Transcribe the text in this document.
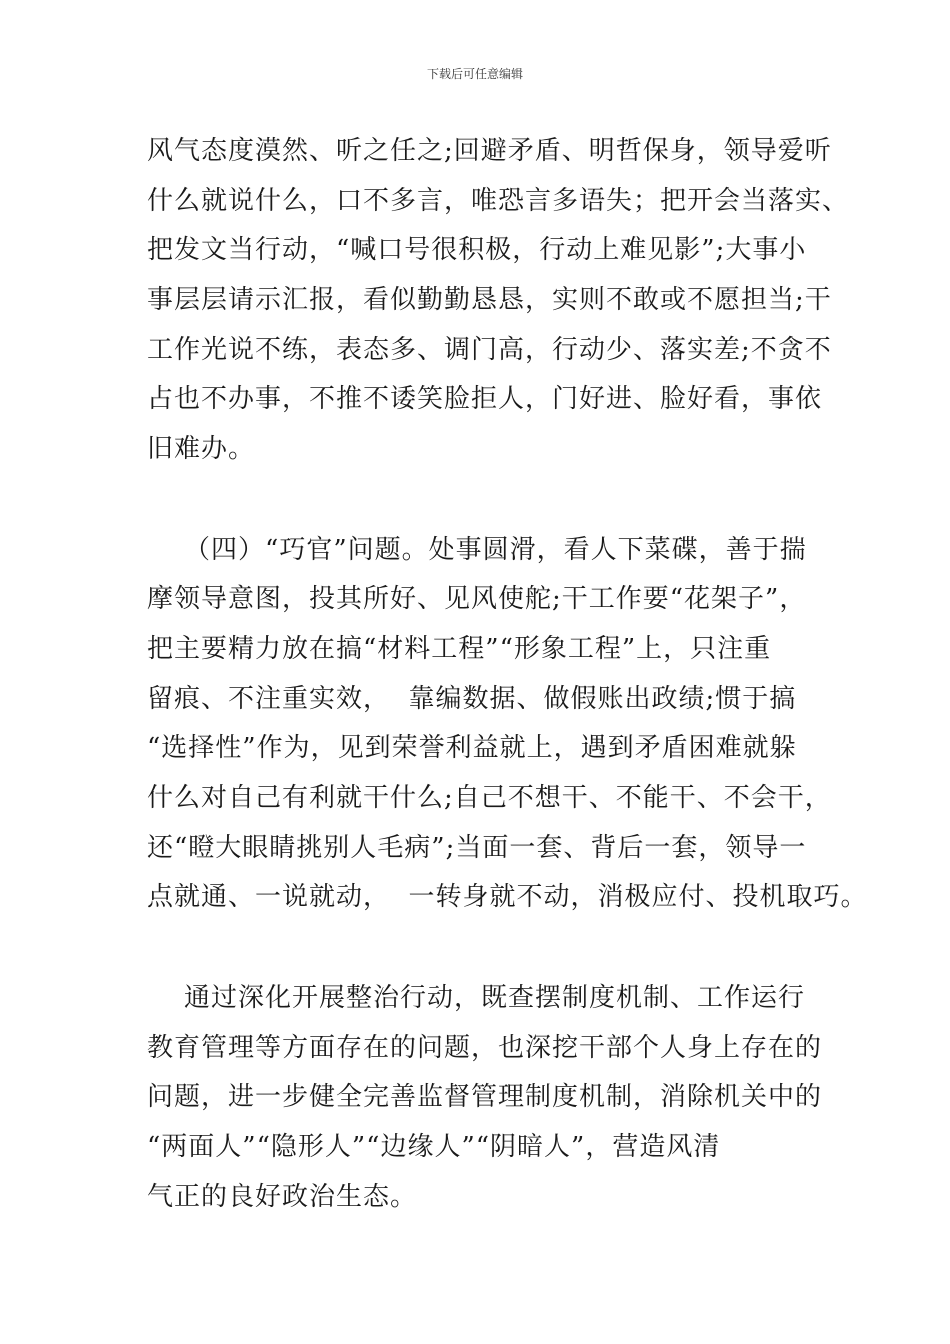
下载后可任意编辑
风气态度漠然、听之任之;回避矛盾、明哲保身，领导爱听
什么就说什么，口不多言，唯恐言多语失；把开会当落实、
把发文当行动，“喊口号很积极，行动上难见影”;大事小
事层层请示汇报，看似勤勤恳恳，实则不敢或不愿担当;干
工作光说不练，表态多、调门高，行动少、落实差;不贪不
占也不办事，不推不诿笑脸拒人，门好进、脸好看，事依
旧难办。
（四）“巧官”问题。处事圆滑，看人下菜碟，善于揣
摩领导意图，投其所好、见风使舵;干工作要“花架子”，
把主要精力放在搞“材料工程”“形象工程”上，只注重
留痕、不注重实效，  靠编数据、做假账出政绩;惯于搞
“选择性”作为，见到荣誉利益就上，遇到矛盾困难就躲
什么对自己有利就干什么;自己不想干、不能干、不会干，
还“瞪大眼睛挑别人毛病”;当面一套、背后一套，领导一
点就通、一说就动，  一转身就不动，消极应付、投机取巧。
通过深化开展整治行动，既查摆制度机制、工作运行
教育管理等方面存在的问题，也深挖干部个人身上存在的
问题，进一步健全完善监督管理制度机制，消除机关中的
“两面人”“隐形人”“边缘人”“阴暗人”，营造风清
气正的良好政治生态。
